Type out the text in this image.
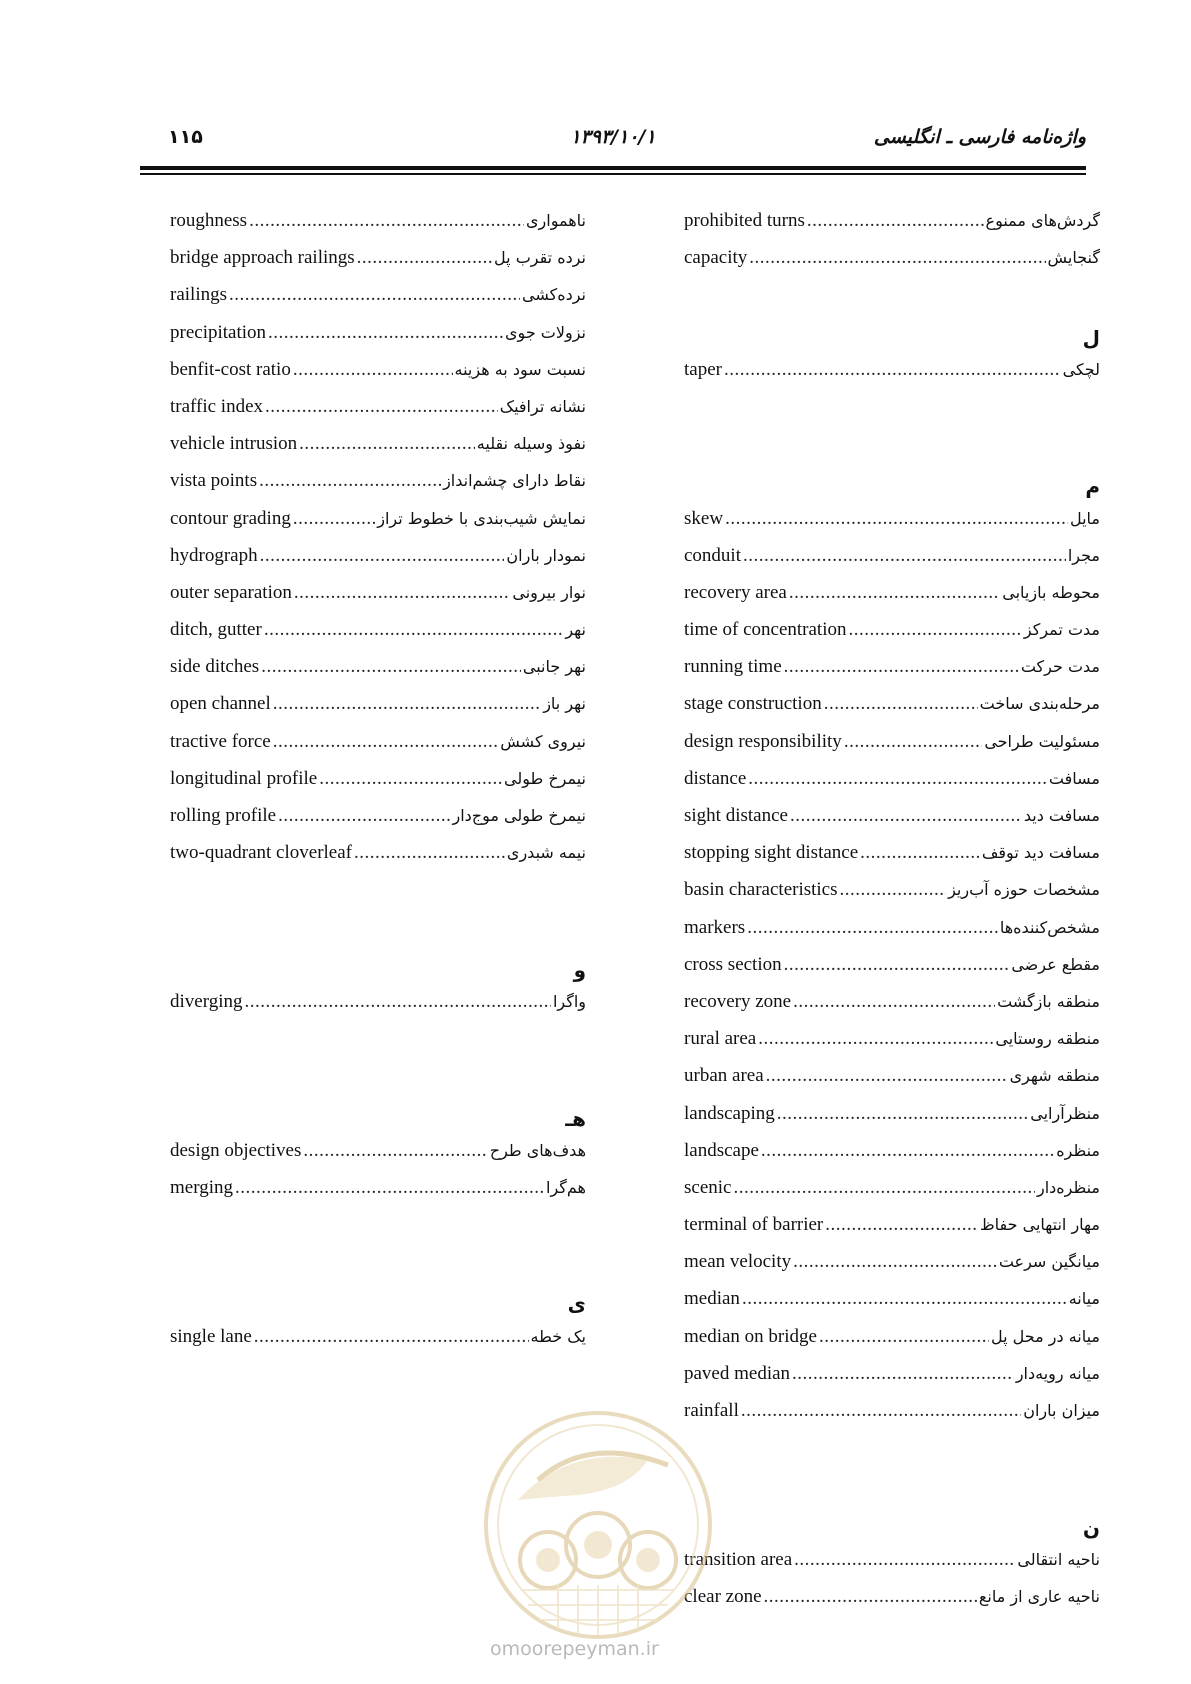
۱۱۵	۱۳۹۳/۱۰/۱	واژه‌نامه فارسی ـ انگلیسی
roughness .....	ناهمواری
bridge approach railings .....	نرده تقرب پل
railings .....	نرده‌کشی
precipitation .....	نزولات جوی
benfit-cost ratio .....	نسبت سود به هزینه
traffic index .....	نشانه ترافیک
vehicle intrusion .....	نفوذ وسیله نقلیه
vista points .....	نقاط دارای چشم‌انداز
contour grading .....	نمایش شیب‌بندی با خطوط تراز
hydrograph .....	نمودار باران
outer separation .....	نوار بیرونی
ditch, gutter .....	نهر
side ditches .....	نهر جانبی
open channel .....	نهر باز
tractive force .....	نیروی کشش
longitudinal profile .....	نیمرخ طولی
rolling profile .....	نیمرخ طولی موج‌دار
two-quadrant cloverleaf .....	نیمه شبدری
و
diverging .....	واگرا
هـ
design objectives .....	هدف‌های طرح
merging .....	هم‌گرا
ی
single lane .....	یک خطه
prohibited turns .....	گردش‌های ممنوع
capacity .....	گنجایش
ل
taper .....	لچکی
م
skew .....	مایل
conduit .....	مجرا
recovery area .....	محوطه بازیابی
time of concentration .....	مدت تمرکز
running time .....	مدت حرکت
stage construction .....	مرحله‌بندی ساخت
design responsibility .....	مسئولیت طراحی
distance .....	مسافت
sight distance .....	مسافت دید
stopping sight distance .....	مسافت دید توقف
basin characteristics .....	مشخصات حوزه آب‌ریز
markers .....	مشخص‌کننده‌ها
cross section .....	مقطع عرضی
recovery zone .....	منطقه بازگشت
rural area .....	منطقه روستایی
urban area .....	منطقه شهری
landscaping .....	منظرآرایی
landscape .....	منظره
scenic .....	منظره‌دار
terminal of barrier .....	مهار انتهایی حفاظ
mean velocity .....	میانگین سرعت
median .....	میانه
median on bridge .....	میانه در محل پل
paved median .....	میانه رویه‌دار
rainfall .....	میزان باران
ن
transition area .....	ناحیه انتقالی
clear zone .....	ناحیه عاری از مانع
omoorepeyman.ir
